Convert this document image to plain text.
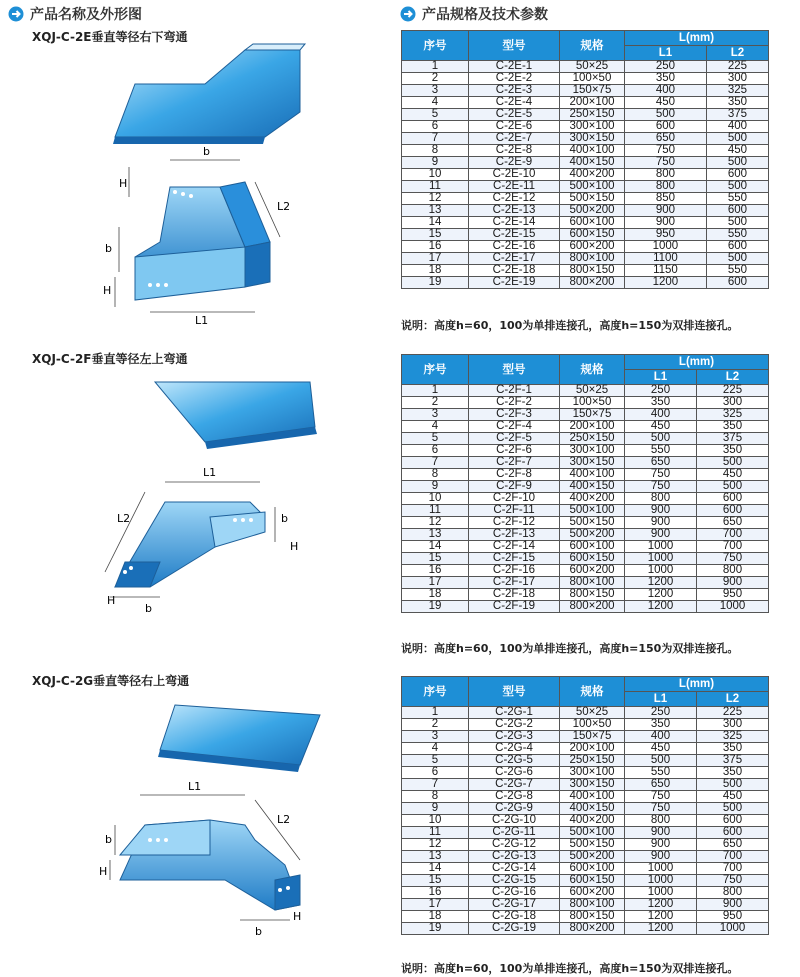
产品名称及外形图	产品规格及技术参数
XQJ-C-2E垂直等径右下弯通
XQJ-C-2F垂直等径左上弯通
XQJ-C-2G垂直等径右上弯通
b
H
b
H
L1
L2
L1
L2	b
H
H
b
L1
b
H
L2
b
H
序号	型号	规格	L(mm)	
			L1	L2
1	C-2E-1	50×25	250	225
2	C-2E-2	100×50	350	300
3	C-2E-3	150×75	400	325
4	C-2E-4	200×100	450	350
5	C-2E-5	250×150	500	375
6	C-2E-6	300×100	600	400
7	C-2E-7	300×150	650	500
8	C-2E-8	400×100	750	450
9	C-2E-9	400×150	750	500
10	C-2E-10	400×200	800	600
11	C-2E-11	500×100	800	500
12	C-2E-12	500×150	850	550
13	C-2E-13	500×200	900	600
14	C-2E-14	600×100	900	500
15	C-2E-15	600×150	950	550
16	C-2E-16	600×200	1000	600
17	C-2E-17	800×100	1100	500
18	C-2E-18	800×150	1150	550
19	C-2E-19	800×200	1200	600
说明：高度h=60，100为单排连接孔，高度h=150为双排连接孔。
序号	型号	规格	L(mm)	
			L1	L2
1	C-2F-1	50×25	250	225
2	C-2F-2	100×50	350	300
3	C-2F-3	150×75	400	325
4	C-2F-4	200×100	450	350
5	C-2F-5	250×150	500	375
6	C-2F-6	300×100	550	350
7	C-2F-7	300×150	650	500
8	C-2F-8	400×100	750	450
9	C-2F-9	400×150	750	500
10	C-2F-10	400×200	800	600
11	C-2F-11	500×100	900	600
12	C-2F-12	500×150	900	650
13	C-2F-13	500×200	900	700
14	C-2F-14	600×100	1000	700
15	C-2F-15	600×150	1000	750
16	C-2F-16	600×200	1000	800
17	C-2F-17	800×100	1200	900
18	C-2F-18	800×150	1200	950
19	C-2F-19	800×200	1200	1000
说明：高度h=60，100为单排连接孔，高度h=150为双排连接孔。
序号	型号	规格	L(mm)	
			L1	L2
1	C-2G-1	50×25	250	225
2	C-2G-2	100×50	350	300
3	C-2G-3	150×75	400	325
4	C-2G-4	200×100	450	350
5	C-2G-5	250×150	500	375
6	C-2G-6	300×100	550	350
7	C-2G-7	300×150	650	500
8	C-2G-8	400×100	750	450
9	C-2G-9	400×150	750	500
10	C-2G-10	400×200	800	600
11	C-2G-11	500×100	900	600
12	C-2G-12	500×150	900	650
13	C-2G-13	500×200	900	700
14	C-2G-14	600×100	1000	700
15	C-2G-15	600×150	1000	750
16	C-2G-16	600×200	1000	800
17	C-2G-17	800×100	1200	900
18	C-2G-18	800×150	1200	950
19	C-2G-19	800×200	1200	1000
说明：高度h=60，100为单排连接孔，高度h=150为双排连接孔。
